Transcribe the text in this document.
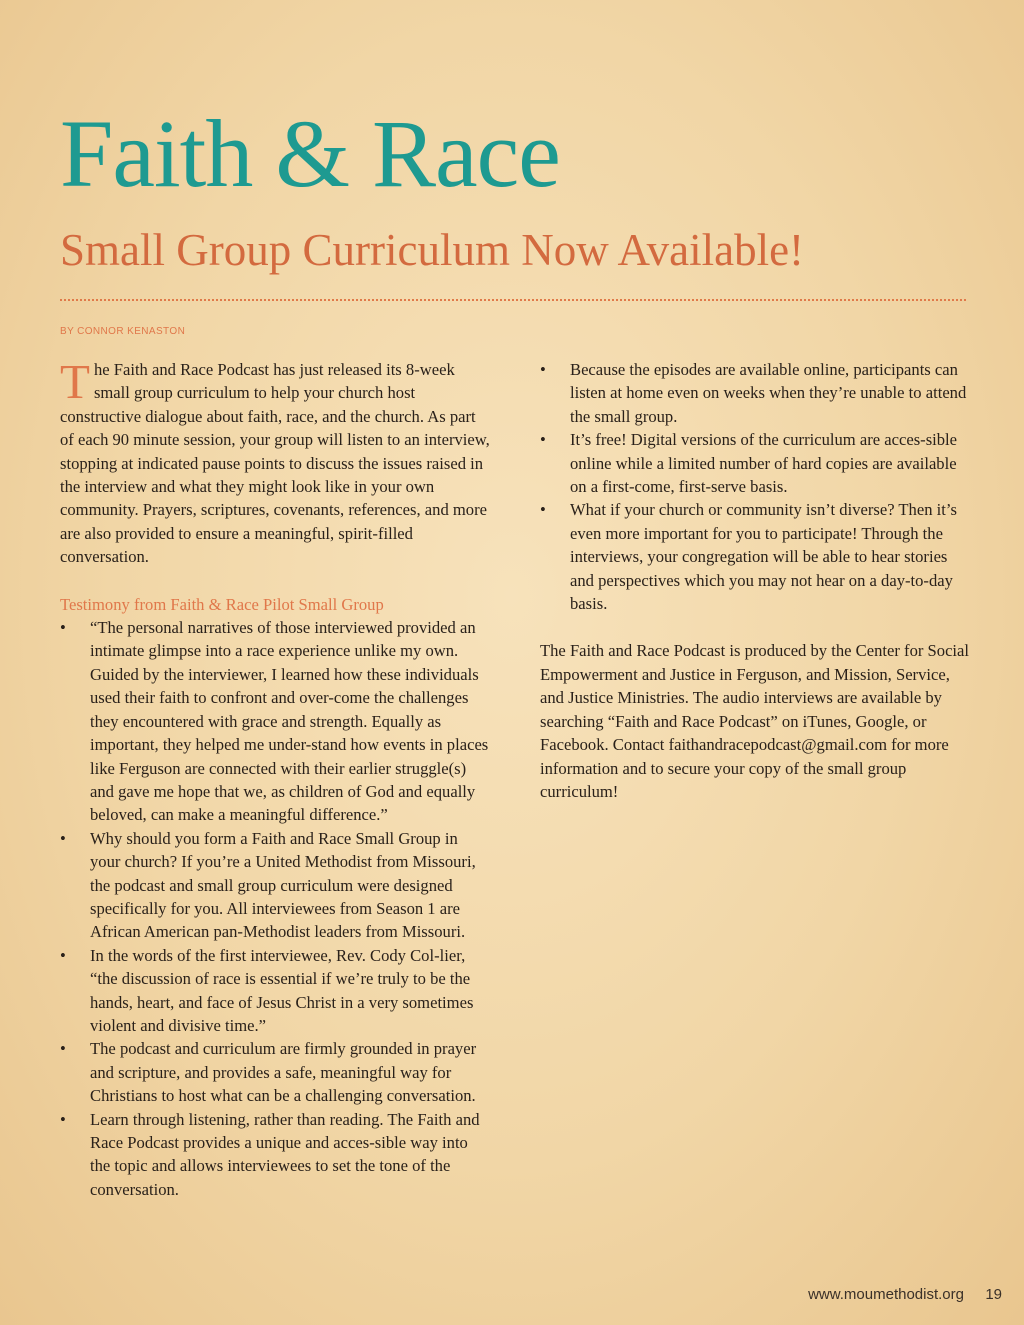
Faith & Race
Small Group Curriculum Now Available!
BY CONNOR KENASTON

The Faith and Race Podcast has just released its 8-week small group curriculum to help your church host constructive dialogue about faith, race, and the church. As part of each 90 minute session, your group will listen to an interview, stopping at indicated pause points to discuss the issues raised in the interview and what they might look like in your own community. Prayers, scriptures, covenants, references, and more are also provided to ensure a meaningful, spirit-filled conversation.

Testimony from Faith & Race Pilot Small Group

•	“The personal narratives of those interviewed provided an intimate glimpse into a race experience unlike my own. Guided by the interviewer, I learned how these individuals used their faith to confront and over-come the challenges they encountered with grace and strength. Equally as important, they helped me under-stand how events in places like Ferguson are connected with their earlier struggle(s) and gave me hope that we, as children of God and equally beloved, can make a meaningful difference.”
•	Why should you form a Faith and Race Small Group in your church? If you’re a United Methodist from Missouri, the podcast and small group curriculum were designed specifically for you. All interviewees from Season 1 are African American pan-Methodist leaders from Missouri.
•	In the words of the first interviewee, Rev. Cody Col-lier, “the discussion of race is essential if we’re truly to be the hands, heart, and face of Jesus Christ in a very sometimes violent and divisive time.”
•	The podcast and curriculum are firmly grounded in prayer and scripture, and provides a safe, meaningful way for Christians to host what can be a challenging conversation.
•	Learn through listening, rather than reading. The Faith and Race Podcast provides a unique and acces-sible way into the topic and allows interviewees to set the tone of the conversation.
•	Because the episodes are available online, participants can listen at home even on weeks when they’re unable to attend the small group.
•	It’s free! Digital versions of the curriculum are acces-sible online while a limited number of hard copies are available on a first-come, first-serve basis.
•	What if your church or community isn’t diverse? Then it’s even more important for you to participate! Through the interviews, your congregation will be able to hear stories and perspectives which you may not hear on a day-to-day basis.

The Faith and Race Podcast is produced by the Center for Social Empowerment and Justice in Ferguson, and Mission, Service, and Justice Ministries. The audio interviews are available by searching “Faith and Race Podcast” on iTunes, Google, or Facebook. Contact faithandracepodcast@gmail.com for more information and to secure your copy of the small group curriculum!

www.moumethodist.org 19
